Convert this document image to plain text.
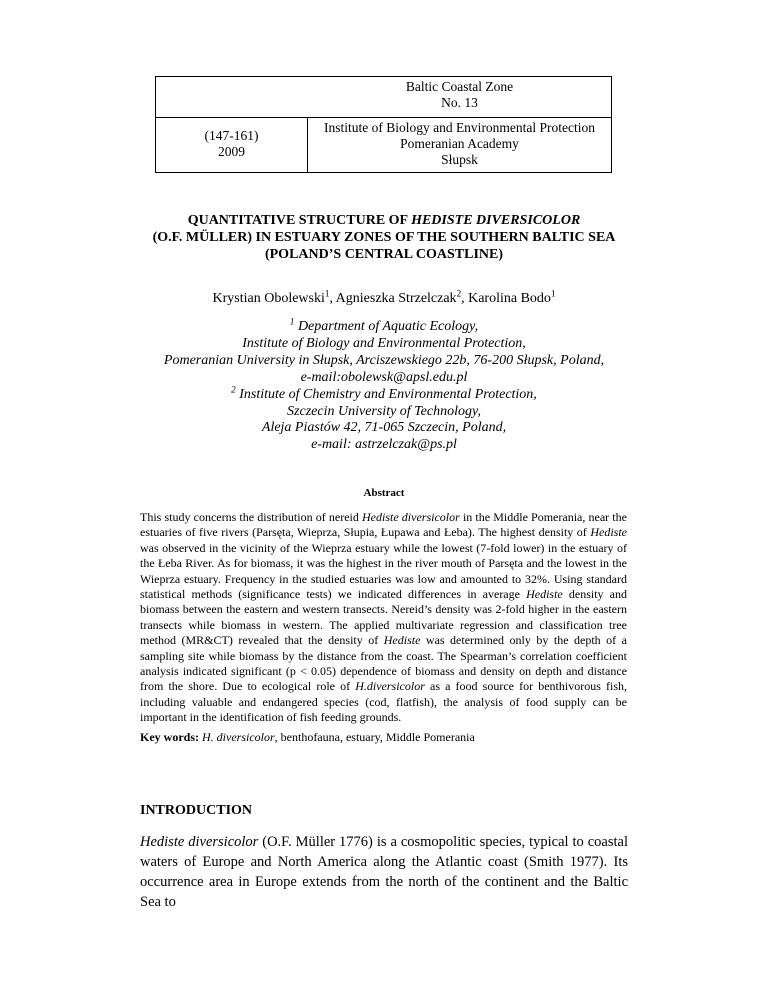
Baltic Coastal Zone
No. 13
(147-161)
2009
Institute of Biology and Environmental Protection
Pomeranian Academy
Słupsk
QUANTITATIVE STRUCTURE OF HEDISTE DIVERSICOLOR
(O.F. MÜLLER) IN ESTUARY ZONES OF THE SOUTHERN BALTIC SEA
(POLAND’S CENTRAL COASTLINE)
Krystian Obolewski$^1$, Agnieszka Strzelczak$^2$, Karolina Bodo$^1$
$^1$ Department of Aquatic Ecology,
Institute of Biology and Environmental Protection,
Pomeranian University in Słupsk, Arciszewskiego 22b, 76-200 Słupsk, Poland,
e-mail:obolewsk@apsl.edu.pl
$^2$ Institute of Chemistry and Environmental Protection,
Szczecin University of Technology,
Aleja Piastów 42, 71-065 Szczecin, Poland,
e-mail: astrzelczak@ps.pl
Abstract
This study concerns the distribution of nereid Hediste diversicolor in the Middle Pomerania, near the estuaries of five rivers (Parsęta, Wieprza, Słupia, Łupawa and Łeba). The highest density of Hediste was observed in the vicinity of the Wieprza estuary while the lowest (7-fold lower) in the estuary of the Łeba River. As for biomass, it was the highest in the river mouth of Parsęta and the lowest in the Wieprza estuary. Frequency in the studied estuaries was low and amounted to 32%. Using standard statistical methods (significance tests) we indicated differences in average Hediste density and biomass between the eastern and western transects. Nereid’s density was 2-fold higher in the eastern transects while biomass in western. The applied multivariate regression and classification tree method (MR&CT) revealed that the density of Hediste was determined only by the depth of a sampling site while biomass by the distance from the coast. The Spearman’s correlation coefficient analysis indicated significant (p < 0.05) dependence of biomass and density on depth and distance from the shore. Due to ecological role of H.diversicolor as a food source for benthivorous fish, including valuable and endangered species (cod, flatfish), the analysis of food supply can be important in the identification of fish feeding grounds.
Key words: H. diversicolor, benthofauna, estuary, Middle Pomerania
INTRODUCTION
Hediste diversicolor (O.F. Müller 1776) is a cosmopolitic species, typical to coastal waters of Europe and North America along the Atlantic coast (Smith 1977). Its occurrence area in Europe extends from the north of the continent and the Baltic Sea to
